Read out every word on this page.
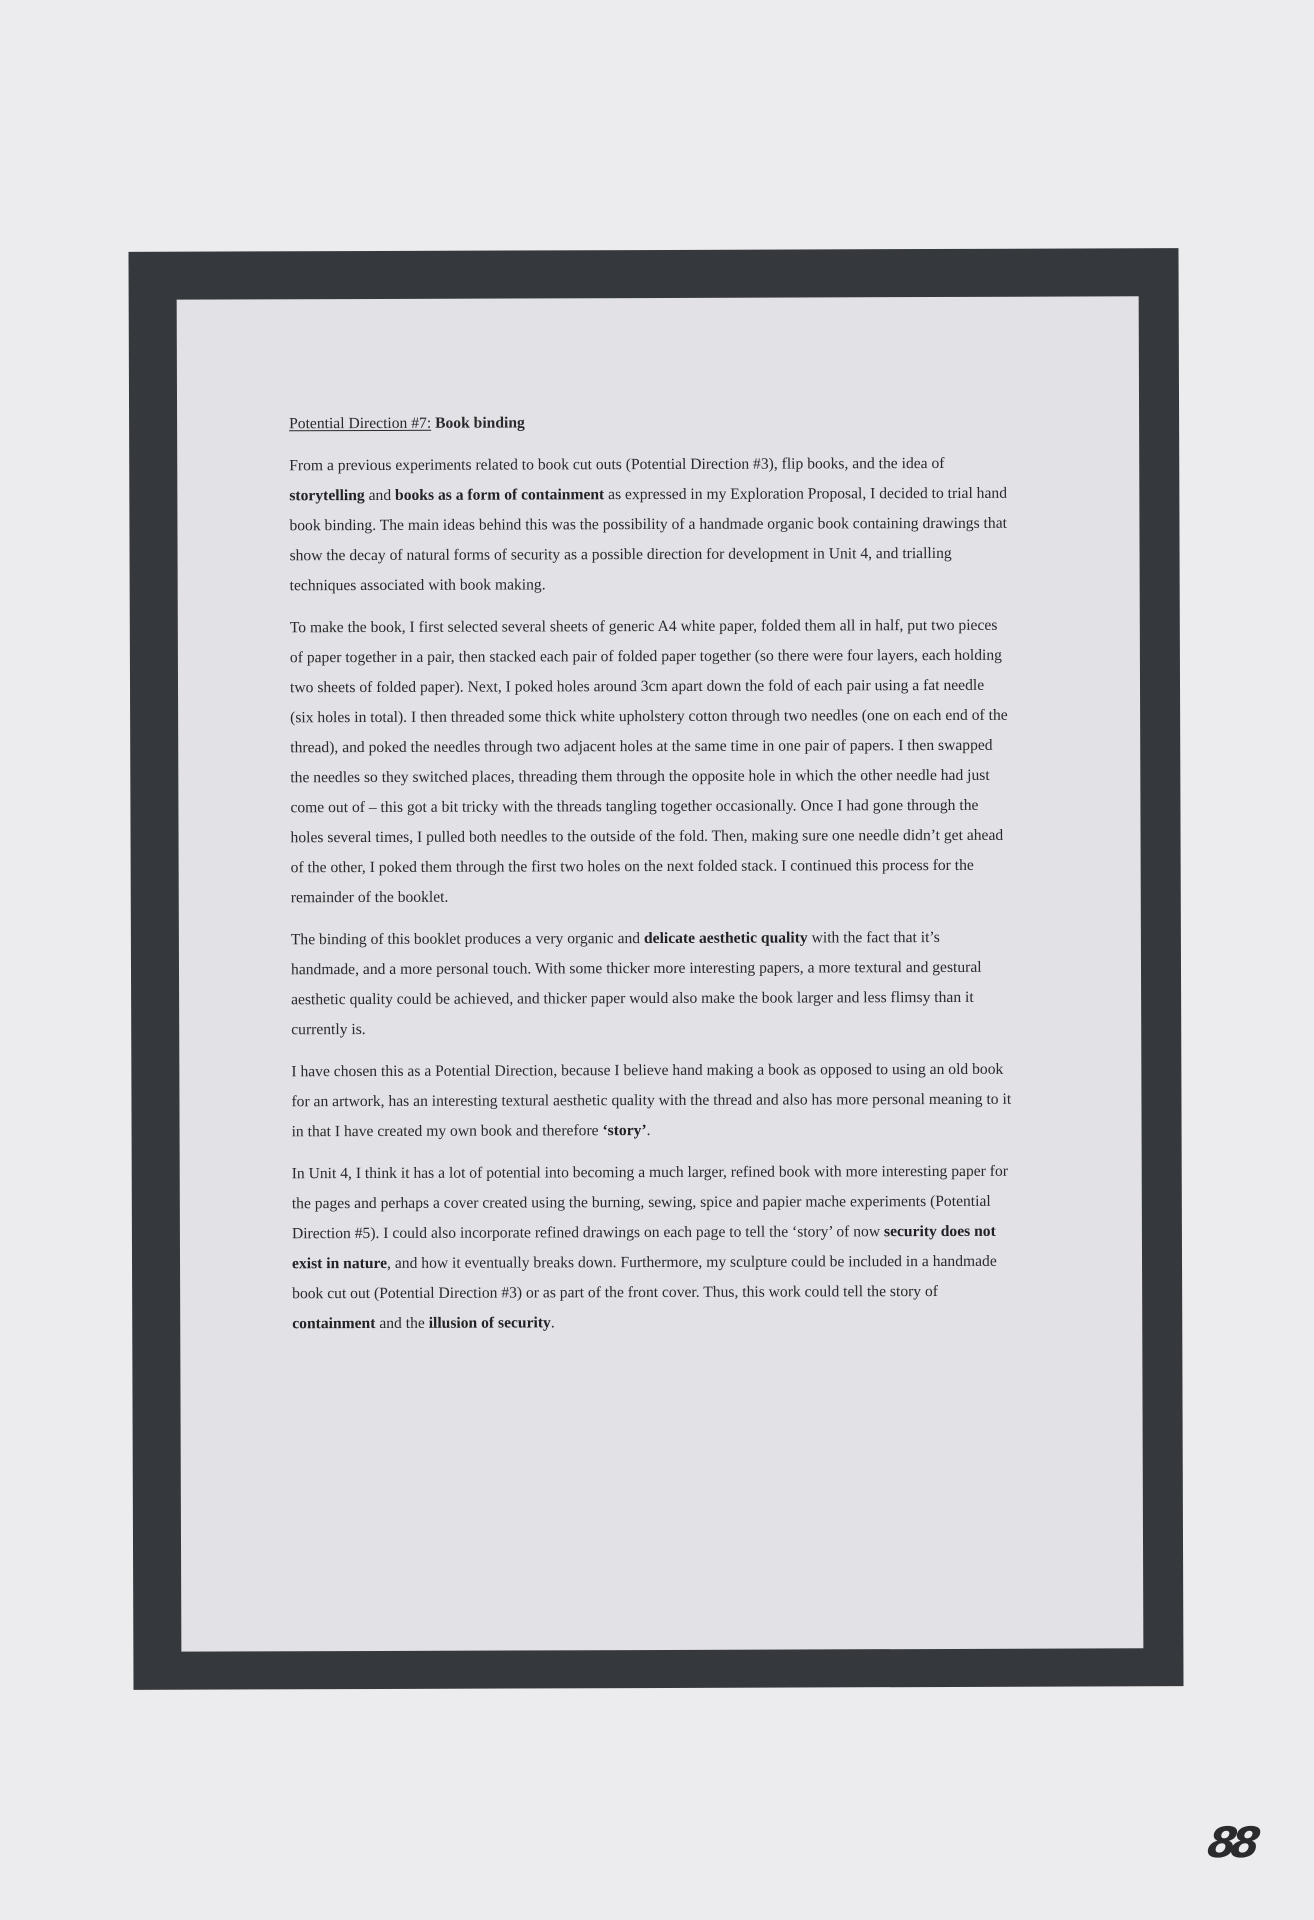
Potential Direction #7: Book binding

From a previous experiments related to book cut outs (Potential Direction #3), flip books, and the idea of storytelling and books as a form of containment as expressed in my Exploration Proposal, I decided to trial hand book binding. The main ideas behind this was the possibility of a handmade organic book containing drawings that show the decay of natural forms of security as a possible direction for development in Unit 4, and trialling techniques associated with book making.

To make the book, I first selected several sheets of generic A4 white paper, folded them all in half, put two pieces of paper together in a pair, then stacked each pair of folded paper together (so there were four layers, each holding two sheets of folded paper). Next, I poked holes around 3cm apart down the fold of each pair using a fat needle (six holes in total). I then threaded some thick white upholstery cotton through two needles (one on each end of the thread), and poked the needles through two adjacent holes at the same time in one pair of papers. I then swapped the needles so they switched places, threading them through the opposite hole in which the other needle had just come out of – this got a bit tricky with the threads tangling together occasionally. Once I had gone through the holes several times, I pulled both needles to the outside of the fold. Then, making sure one needle didn’t get ahead of the other, I poked them through the first two holes on the next folded stack. I continued this process for the remainder of the booklet.

The binding of this booklet produces a very organic and delicate aesthetic quality with the fact that it’s handmade, and a more personal touch. With some thicker more interesting papers, a more textural and gestural aesthetic quality could be achieved, and thicker paper would also make the book larger and less flimsy than it currently is.

I have chosen this as a Potential Direction, because I believe hand making a book as opposed to using an old book for an artwork, has an interesting textural aesthetic quality with the thread and also has more personal meaning to it in that I have created my own book and therefore ‘story’.

In Unit 4, I think it has a lot of potential into becoming a much larger, refined book with more interesting paper for the pages and perhaps a cover created using the burning, sewing, spice and papier mache experiments (Potential Direction #5). I could also incorporate refined drawings on each page to tell the ‘story’ of now security does not exist in nature, and how it eventually breaks down. Furthermore, my sculpture could be included in a handmade book cut out (Potential Direction #3) or as part of the front cover. Thus, this work could tell the story of containment and the illusion of security.

88
